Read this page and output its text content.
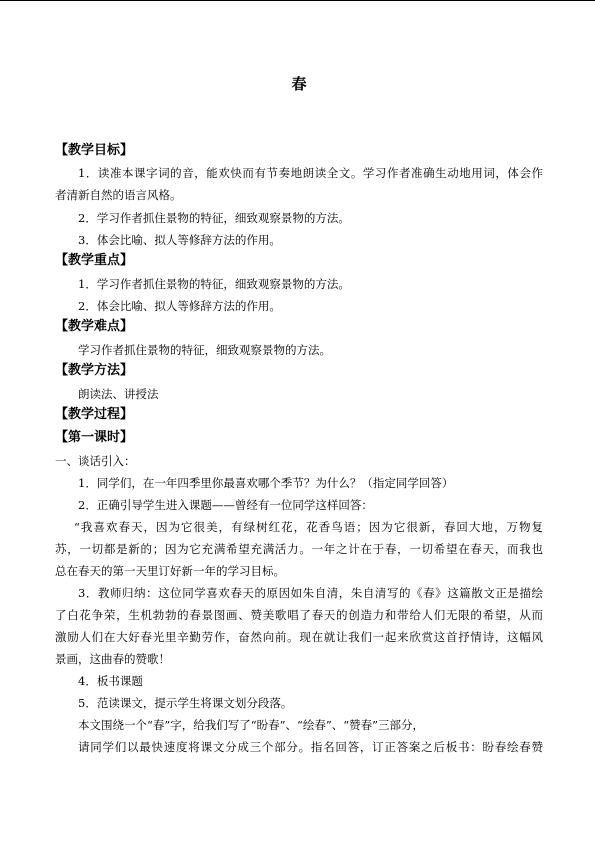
春
【教学目标】
1．读准本课字词的音，能欢快而有节奏地朗读全文。学习作者准确生动地用词，体会作
者清新自然的语言风格。
2．学习作者抓住景物的特征，细致观察景物的方法。
3．体会比喻、拟人等修辞方法的作用。
【教学重点】
1．学习作者抓住景物的特征，细致观察景物的方法。
2．体会比喻、拟人等修辞方法的作用。
【教学难点】
学习作者抓住景物的特征，细致观察景物的方法。
【教学方法】
朗读法、讲授法
【教学过程】
【第一课时】
一、谈话引入：
1．同学们，在一年四季里你最喜欢哪个季节？为什么？（指定同学回答）
2．正确引导学生进入课题——曾经有一位同学这样回答：
“我喜欢春天，因为它很美，有绿树红花，花香鸟语；因为它很新，春回大地，万物复
苏，一切都是新的；因为它充满希望充满活力。一年之计在于春，一切希望在春天，而我也
总在春天的第一天里订好新一年的学习目标。
3．教师归纳：这位同学喜欢春天的原因如朱自清，朱自清写的《春》这篇散文正是描绘
了白花争荣，生机勃勃的春景图画、赞美歌唱了春天的创造力和带给人们无限的希望，从而
激励人们在大好春光里辛勤劳作，奋然向前。现在就让我们一起来欣赏这首抒情诗，这幅风
景画，这曲春的赞歌！
4．板书课题
5．范读课文，提示学生将课文划分段落。
本文围绕一个“春”字，给我们写了“盼春”、“绘春”、“赞春”三部分，
请同学们以最快速度将课文分成三个部分。指名回答，订正答案之后板书：盼春绘春赞
